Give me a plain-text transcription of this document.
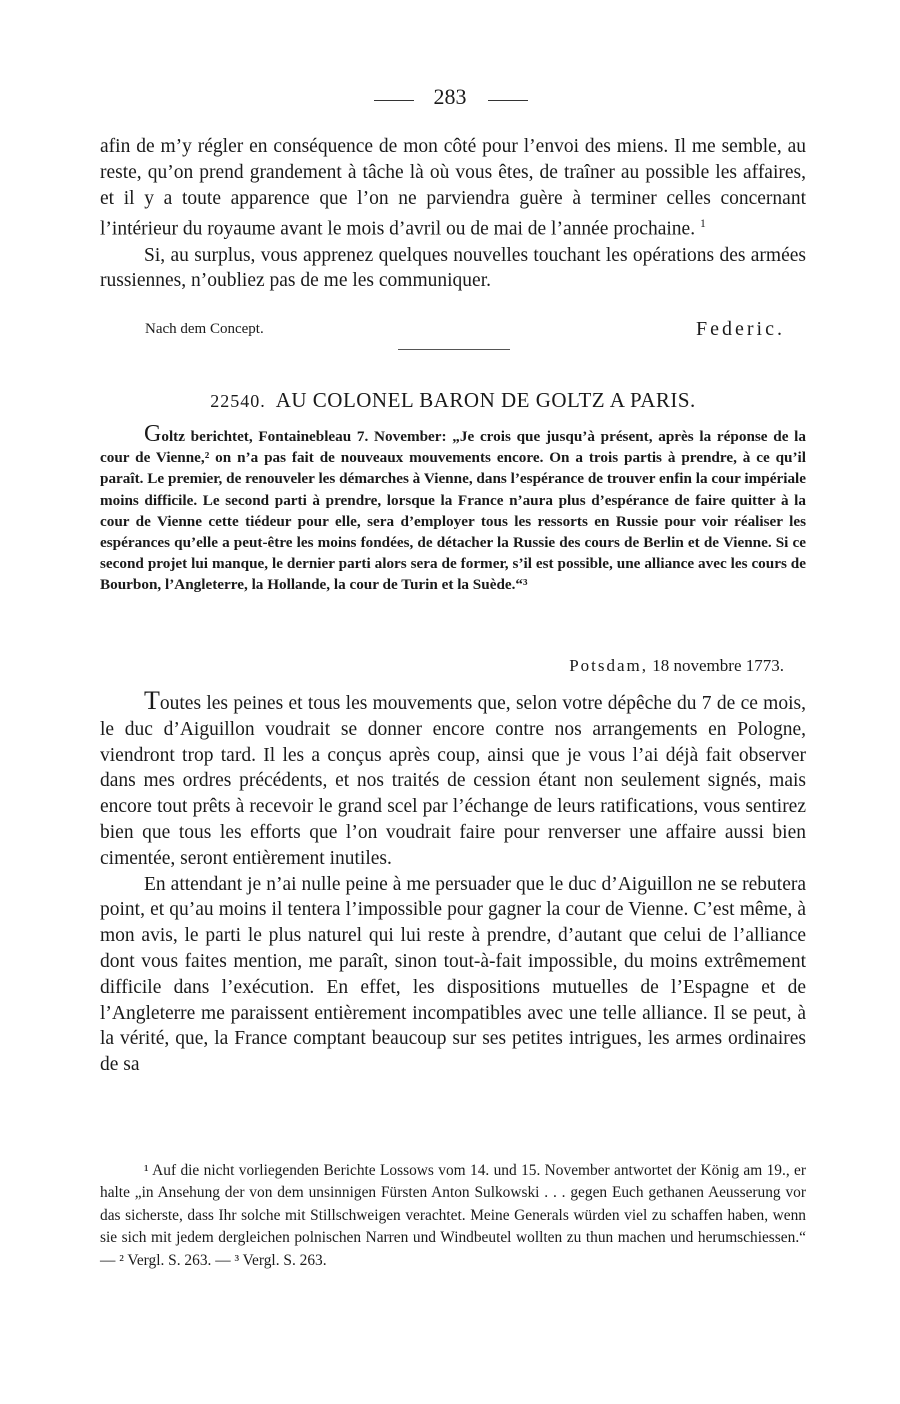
283

afin de m’y régler en conséquence de mon côté pour l’envoi des miens. Il me semble, au reste, qu’on prend grandement à tâche là où vous êtes, de traîner au possible les affaires, et il y a toute apparence que l’on ne parviendra guère à terminer celles concernant l’intérieur du royaume avant le mois d’avril ou de mai de l’année prochaine. $^1$

Si, au surplus, vous apprenez quelques nouvelles touchant les opérations des armées russiennes, n’oubliez pas de me les communiquer.

Nach dem Concept.	Federic.
22540. AU COLONEL BARON DE GOLTZ A PARIS.

Goltz berichtet, Fontainebleau 7. November: „Je crois que jusqu’à présent, après la réponse de la cour de Vienne,² on n’a pas fait de nouveaux mouvements encore. On a trois partis à prendre, à ce qu’il paraît. Le premier, de renouveler les démarches à Vienne, dans l’espérance de trouver enfin la cour impériale moins difficile. Le second parti à prendre, lorsque la France n’aura plus d’espérance de faire quitter à la cour de Vienne cette tiédeur pour elle, sera d’employer tous les ressorts en Russie pour voir réaliser les espérances qu’elle a peut-être les moins fondées, de détacher la Russie des cours de Berlin et de Vienne. Si ce second projet lui manque, le dernier parti alors sera de former, s’il est possible, une alliance avec les cours de Bourbon, l’Angleterre, la Hollande, la cour de Turin et la Suède.“³

Potsdam, 18 novembre 1773.

Toutes les peines et tous les mouvements que, selon votre dépêche du 7 de ce mois, le duc d’Aiguillon voudrait se donner encore contre nos arrangements en Pologne, viendront trop tard. Il les a conçus après coup, ainsi que je vous l’ai déjà fait observer dans mes ordres précédents, et nos traités de cession étant non seulement signés, mais encore tout prêts à recevoir le grand scel par l’échange de leurs ratifications, vous sentirez bien que tous les efforts que l’on voudrait faire pour renverser une affaire aussi bien cimentée, seront entièrement inutiles.

En attendant je n’ai nulle peine à me persuader que le duc d’Aiguillon ne se rebutera point, et qu’au moins il tentera l’impossible pour gagner la cour de Vienne. C’est même, à mon avis, le parti le plus naturel qui lui reste à prendre, d’autant que celui de l’alliance dont vous faites mention, me paraît, sinon tout-à-fait impossible, du moins extrêmement difficile dans l’exécution. En effet, les dispositions mutuelles de l’Espagne et de l’Angleterre me paraissent entièrement incompatibles avec une telle alliance. Il se peut, à la vérité, que, la France comptant beaucoup sur ses petites intrigues, les armes ordinaires de sa

¹ Auf die nicht vorliegenden Berichte Lossows vom 14. und 15. November antwortet der König am 19., er halte „in Ansehung der von dem unsinnigen Fürsten Anton Sulkowski . . . gegen Euch gethanen Aeusserung vor das sicherste, dass Ihr solche mit Stillschweigen verachtet. Meine Generals würden viel zu schaffen haben, wenn sie sich mit jedem dergleichen polnischen Narren und Windbeutel wollten zu thun machen und herumschiessen.“ — ² Vergl. S. 263. — ³ Vergl. S. 263.
